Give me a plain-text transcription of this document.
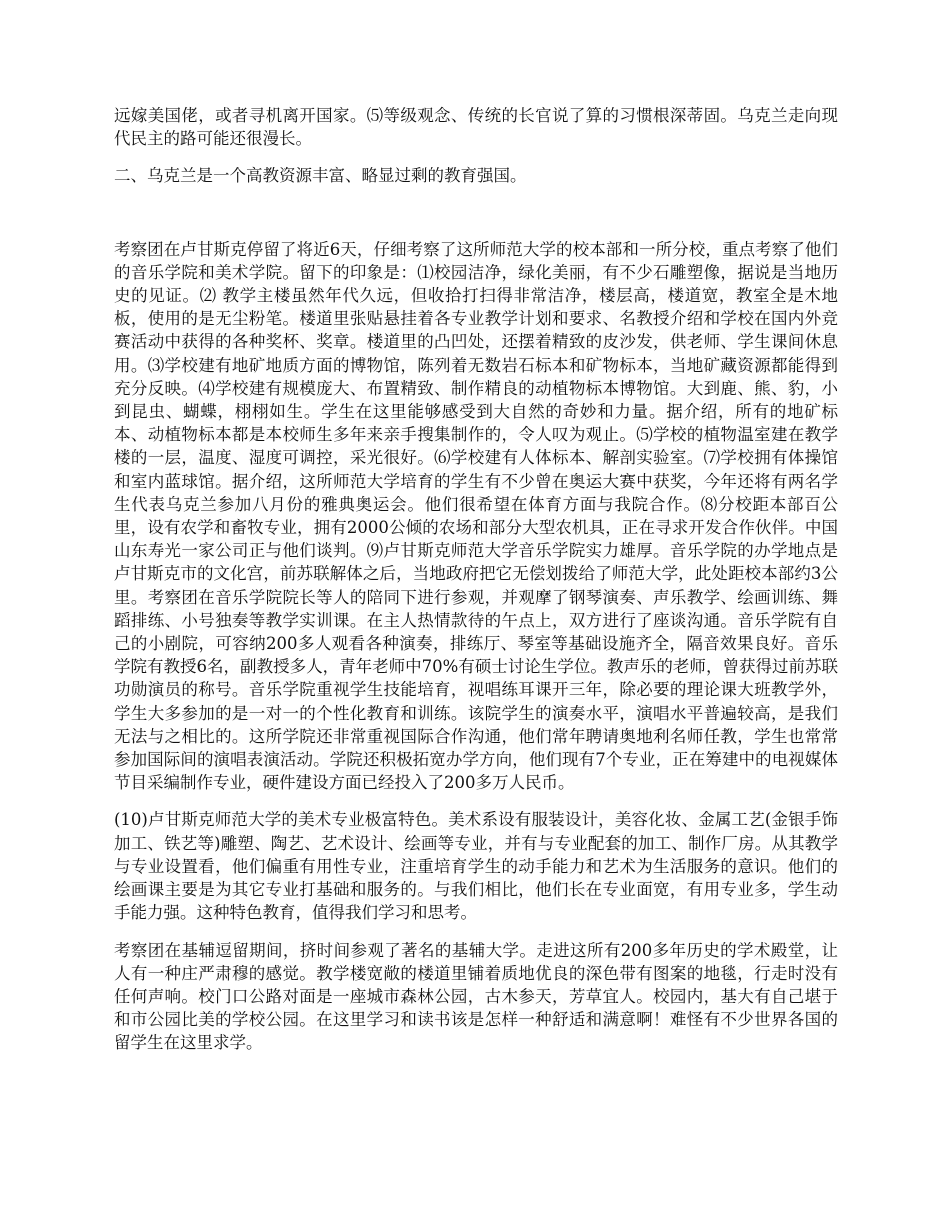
远嫁美国佬，或者寻机离开国家。⑸等级观念、传统的长官说了算的习惯根深蒂固。乌克兰走向现代民主的路可能还很漫长。

二、乌克兰是一个高教资源丰富、略显过剩的教育强国。

考察团在卢甘斯克停留了将近6天，仔细考察了这所师范大学的校本部和一所分校，重点考察了他们的音乐学院和美术学院。留下的印象是：⑴校园洁净，绿化美丽，有不少石雕塑像，据说是当地历史的见证。⑵ 教学主楼虽然年代久远，但收拾打扫得非常洁净，楼层高，楼道宽，教室全是木地板，使用的是无尘粉笔。楼道里张贴悬挂着各专业教学计划和要求、名教授介绍和学校在国内外竞赛活动中获得的各种奖杯、奖章。楼道里的凸凹处，还摆着精致的皮沙发，供老师、学生课间休息用。⑶学校建有地矿地质方面的博物馆，陈列着无数岩石标本和矿物标本，当地矿藏资源都能得到充分反映。⑷学校建有规模庞大、布置精致、制作精良的动植物标本博物馆。大到鹿、熊、豹，小到昆虫、蝴蝶，栩栩如生。学生在这里能够感受到大自然的奇妙和力量。据介绍，所有的地矿标本、动植物标本都是本校师生多年来亲手搜集制作的，令人叹为观止。⑸学校的植物温室建在教学楼的一层，温度、湿度可调控，采光很好。⑹学校建有人体标本、解剖实验室。⑺学校拥有体操馆和室内蓝球馆。据介绍，这所师范大学培育的学生有不少曾在奥运大赛中获奖，今年还将有两名学生代表乌克兰参加八月份的雅典奥运会。他们很希望在体育方面与我院合作。⑻分校距本部百公里，设有农学和畜牧专业，拥有2000公倾的农场和部分大型农机具，正在寻求开发合作伙伴。中国山东寿光一家公司正与他们谈判。⑼卢甘斯克师范大学音乐学院实力雄厚。音乐学院的办学地点是卢甘斯克市的文化宫，前苏联解体之后，当地政府把它无偿划拨给了师范大学，此处距校本部约3公里。考察团在音乐学院院长等人的陪同下进行参观，并观摩了钢琴演奏、声乐教学、绘画训练、舞蹈排练、小号独奏等教学实训课。在主人热情款待的午点上，双方进行了座谈沟通。音乐学院有自己的小剧院，可容纳200多人观看各种演奏，排练厅、琴室等基础设施齐全，隔音效果良好。音乐学院有教授6名，副教授多人，青年老师中70%有硕士讨论生学位。教声乐的老师，曾获得过前苏联功勋演员的称号。音乐学院重视学生技能培育，视唱练耳课开三年，除必要的理论课大班教学外，学生大多参加的是一对一的个性化教育和训练。该院学生的演奏水平，演唱水平普遍较高，是我们无法与之相比的。这所学院还非常重视国际合作沟通，他们常年聘请奥地利名师任教，学生也常常参加国际间的演唱表演活动。学院还积极拓宽办学方向，他们现有7个专业，正在筹建中的电视媒体节目采编制作专业，硬件建设方面已经投入了200多万人民币。

(10)卢甘斯克师范大学的美术专业极富特色。美术系设有服装设计，美容化妆、金属工艺(金银手饰加工、铁艺等)雕塑、陶艺、艺术设计、绘画等专业，并有与专业配套的加工、制作厂房。从其教学与专业设置看，他们偏重有用性专业，注重培育学生的动手能力和艺术为生活服务的意识。他们的绘画课主要是为其它专业打基础和服务的。与我们相比，他们长在专业面宽，有用专业多，学生动手能力强。这种特色教育，值得我们学习和思考。

考察团在基辅逗留期间，挤时间参观了著名的基辅大学。走进这所有200多年历史的学术殿堂，让人有一种庄严肃穆的感觉。教学楼宽敞的楼道里铺着质地优良的深色带有图案的地毯，行走时没有任何声响。校门口公路对面是一座城市森林公园，古木参天，芳草宜人。校园内，基大有自己堪于和市公园比美的学校公园。在这里学习和读书该是怎样一种舒适和满意啊！难怪有不少世界各国的留学生在这里求学。
